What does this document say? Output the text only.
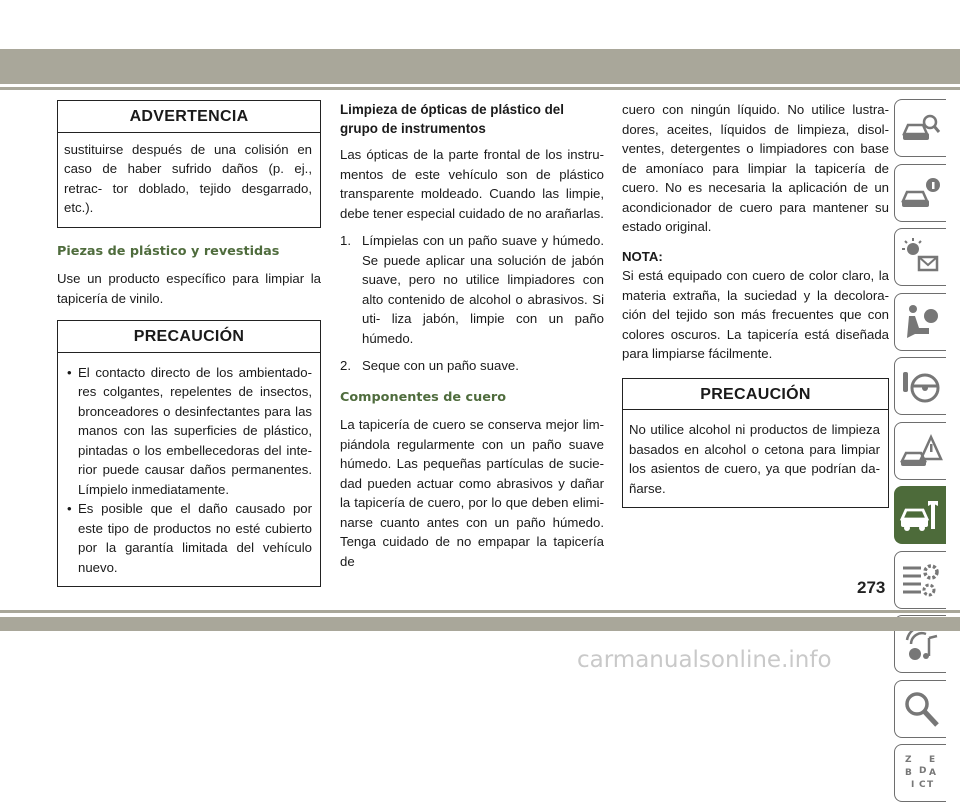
ADVERTENCIA
sustituirse después de una colisión en caso de haber sufrido daños (p. ej., retrac- tor doblado, tejido desgarrado, etc.).
Piezas de plástico y revestidas

Use un producto específico para limpiar la tapicería de vinilo.

PRECAUCIÓN
• El contacto directo de los ambientado- res colgantes, repelentes de insectos, bronceadores o desinfectantes para las manos con las superficies de plástico, pintadas o los embellecedoras del inte- rior puede causar daños permanentes. Límpielo inmediatamente.
• Es posible que el daño causado por este tipo de productos no esté cubierto por la garantía limitada del vehículo nuevo.
Limpieza de ópticas de plástico del grupo de instrumentos

Las ópticas de la parte frontal de los instru- mentos de este vehículo son de plástico transparente moldeado. Cuando las limpie, debe tener especial cuidado de no arañarlas.

1. Límpielas con un paño suave y húmedo. Se puede aplicar una solución de jabón suave, pero no utilice limpiadores con alto contenido de alcohol o abrasivos. Si uti- liza jabón, limpie con un paño húmedo.
2. Seque con un paño suave.
Componentes de cuero

La tapicería de cuero se conserva mejor lim- piándola regularmente con un paño suave húmedo. Las pequeñas partículas de sucie- dad pueden actuar como abrasivos y dañar la tapicería de cuero, por lo que deben elimi- narse cuanto antes con un paño húmedo. Tenga cuidado de no empapar la tapicería de

cuero con ningún líquido. No utilice lustra- dores, aceites, líquidos de limpieza, disol- ventes, detergentes o limpiadores con base de amoníaco para limpiar la tapicería de cuero. No es necesaria la aplicación de un acondicionador de cuero para mantener su estado original.

NOTA:

Si está equipado con cuero de color claro, la materia extraña, la suciedad y la decolora- ción del tejido son más frecuentes que con colores oscuros. La tapicería está diseñada para limpiarse fácilmente.

PRECAUCIÓN
No utilice alcohol ni productos de limpieza basados en alcohol o cetona para limpiar los asientos de cuero, ya que podrían da- ñarse.
Z E
B A
I C
D
T
273
carmanualsonline.info
